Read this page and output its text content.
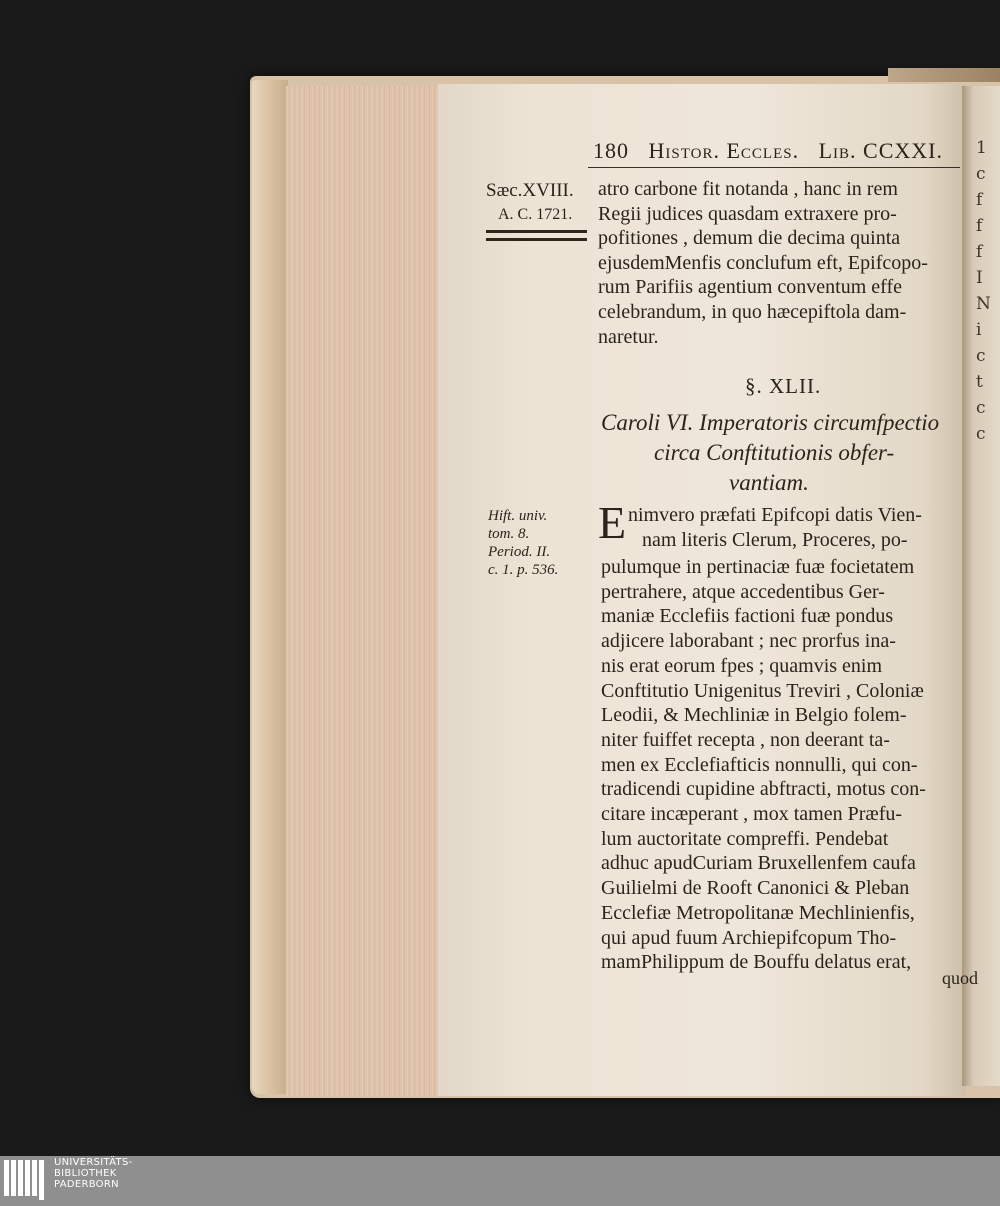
1
c
f
f
f
I
N
i
c
t
c
c
180 Histor. Eccles. Lib. CCXXI.
Sæc.XVIII.
A. C. 1721.
atro carbone fit notanda , hanc in rem
Regii judices quasdam extraxere pro-
pofitiones , demum die decima quinta
ejusdemMenfis conclufum eft, Epifcopo-
rum Parifiis agentium conventum effe
celebrandum, in quo hæcepiftola dam-
naretur.
§. XLII.
Caroli VI. Imperatoris circumfpectio
circa Conftitutionis obfer-
vantiam.
Hift. univ.
tom. 8.
Period. II.
c. 1. p. 536.
E nimvero præfati Epifcopi datis Vien-
nam literis Clerum, Proceres, po-
pulumque in pertinaciæ fuæ focietatem
pertrahere, atque accedentibus Ger-
maniæ Ecclefiis factioni fuæ pondus
adjicere laborabant ; nec prorfus ina-
nis erat eorum fpes ; quamvis enim
Conftitutio Unigenitus Treviri , Coloniæ
Leodii, & Mechliniæ in Belgio folem-
niter fuiffet recepta , non deerant ta-
men ex Ecclefiafticis nonnulli, qui con-
tradicendi cupidine abftracti, motus con-
citare incæperant , mox tamen Præfu-
lum auctoritate compreffi. Pendebat
adhuc apudCuriam Bruxellenfem caufa
Guilielmi de Rooft Canonici & Pleban
Ecclefiæ Metropolitanæ Mechlinienfis,
qui apud fuum Archiepifcopum Tho-
mamPhilippum de Bouffu delatus erat,
quod
UNIVERSITÄTS-
BIBLIOTHEK
PADERBORN
